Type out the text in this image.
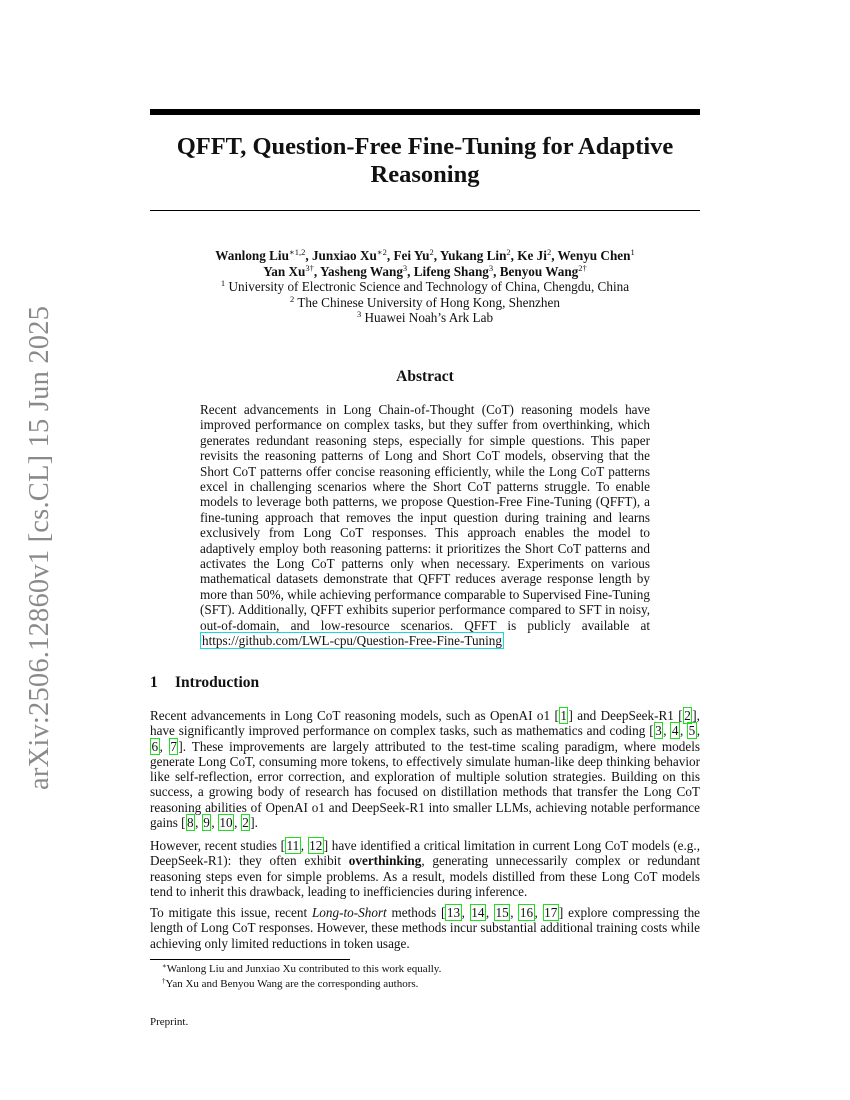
arXiv:2506.12860v1 [cs.CL] 15 Jun 2025
QFFT, Question-Free Fine-Tuning for Adaptive Reasoning
Wanlong Liu$^{∗1,2}$, Junxiao $Xu^{∗2}$, Fei Yu$^2$, Yukang Lin$^2$, Ke Ji$^2$, Wenyu Chen$^1$
Yan $Xu^{3\dagger}$, Yasheng Wang$^3$, Lifeng Shang$^3$, Benyou Wang$^{2\dagger}$
$^1$ University of Electronic Science and Technology of China, Chengdu, China
$^2$ The Chinese University of Hong Kong, Shenzhen
$^3$ Huawei Noah’s Ark Lab
Abstract
Recent advancements in Long Chain-of-Thought (CoT) reasoning models have improved performance on complex tasks, but they suffer from overthinking, which generates redundant reasoning steps, especially for simple questions. This paper revisits the reasoning patterns of Long and Short CoT models, observing that the Short CoT patterns offer concise reasoning efficiently, while the Long CoT patterns excel in challenging scenarios where the Short CoT patterns struggle. To enable models to leverage both patterns, we propose Question-Free Fine-Tuning (QFFT), a fine-tuning approach that removes the input question during training and learns exclusively from Long CoT responses. This approach enables the model to adaptively employ both reasoning patterns: it prioritizes the Short CoT patterns and activates the Long CoT patterns only when necessary. Experiments on various mathematical datasets demonstrate that QFFT reduces average response length by more than 50%, while achieving performance comparable to Supervised Fine-Tuning (SFT). Additionally, QFFT exhibits superior performance compared to SFT in noisy, out-of-domain, and low-resource scenarios. QFFT is publicly available at https://github.com/LWL-cpu/Question-Free-Fine-Tuning
1 Introduction
Recent advancements in Long CoT reasoning models, such as OpenAI o1 [ 1 ] and DeepSeek-R1 [ 2 ], have significantly improved performance on complex tasks, such as mathematics and coding [ 3 , 4 , 5 , 6 , 7 ]. These improvements are largely attributed to the test-time scaling paradigm, where models generate Long CoT, consuming more tokens, to effectively simulate human-like deep thinking behavior like self-reflection, error correction, and exploration of multiple solution strategies. Building on this success, a growing body of research has focused on distillation methods that transfer the Long CoT reasoning abilities of OpenAI o1 and DeepSeek-R1 into smaller LLMs, achieving notable performance gains [ 8 , 9 , 10 , 2 ].
However, recent studies [ 11 , 12 ] have identified a critical limitation in current Long CoT models (e.g., DeepSeek-R1): they often exhibit overthinking, generating unnecessarily complex or redundant reasoning steps even for simple problems. As a result, models distilled from these Long CoT models tend to inherit this drawback, leading to inefficiencies during inference.
To mitigate this issue, recent Long-to-Short methods [ 13 , 14 , 15 , 16 , 17 ] explore compressing the length of Long CoT responses. However, these methods incur substantial additional training costs while achieving only limited reductions in token usage.
∗Wanlong Liu and Junxiao Xu contributed to this work equally.
†Yan Xu and Benyou Wang are the corresponding authors.
Preprint.
